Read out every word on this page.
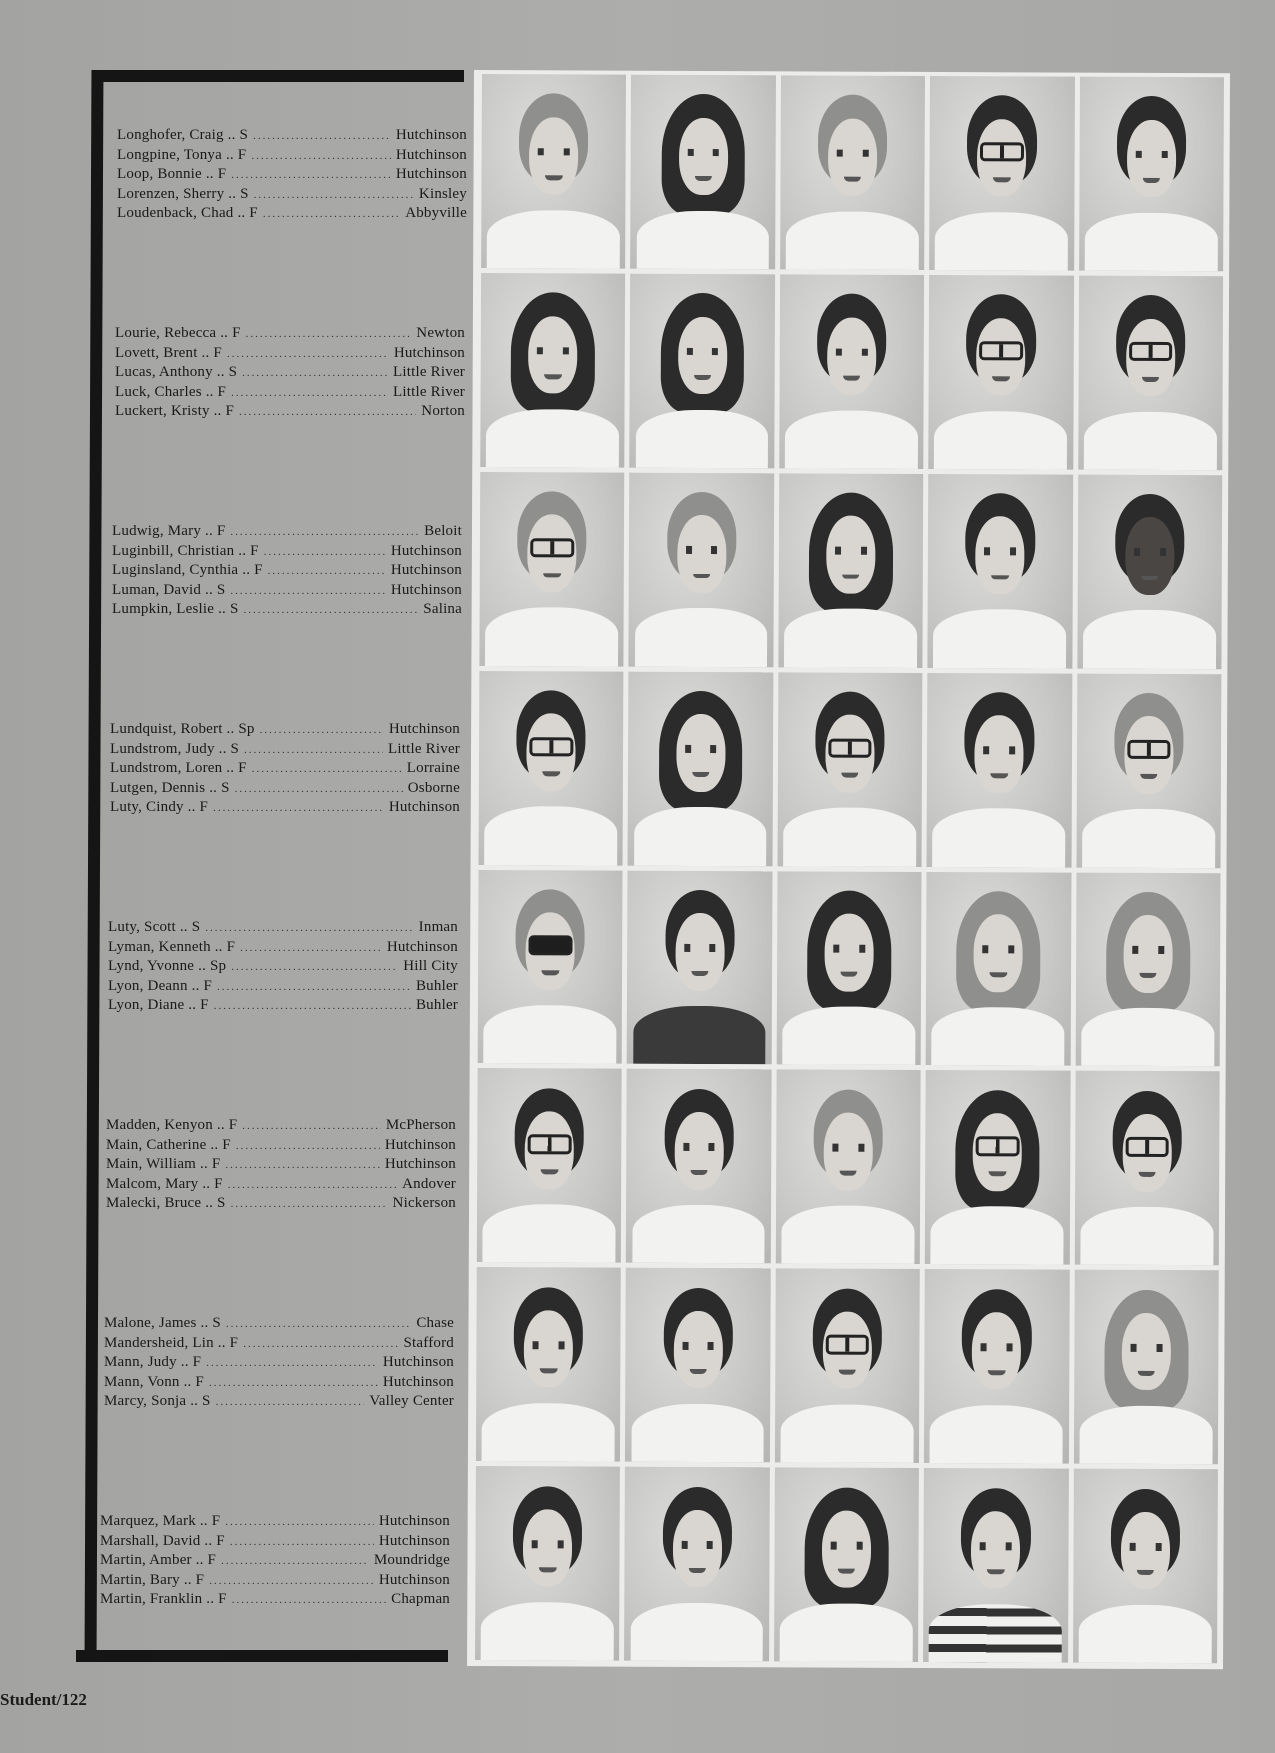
Longhofer, Craig .. S .....	Hutchinson
Longpine, Tonya .. F .....	Hutchinson
Loop, Bonnie .. F .....	Hutchinson
Lorenzen, Sherry .. S .....	Kinsley
Loudenback, Chad .. F .....	Abbyville
Lourie, Rebecca .. F .....	Newton
Lovett, Brent .. F .....	Hutchinson
Lucas, Anthony .. S .....	Little River
Luck, Charles .. F .....	Little River
Luckert, Kristy .. F .....	Norton
Ludwig, Mary .. F .....	Beloit
Luginbill, Christian .. F .....	Hutchinson
Luginsland, Cynthia .. F .....	Hutchinson
Luman, David .. S .....	Hutchinson
Lumpkin, Leslie .. S .....	Salina
Lundquist, Robert .. Sp .....	Hutchinson
Lundstrom, Judy .. S .....	Little River
Lundstrom, Loren .. F .....	Lorraine
Lutgen, Dennis .. S .....	Osborne
Luty, Cindy .. F .....	Hutchinson
Luty, Scott .. S .....	Inman
Lyman, Kenneth .. F .....	Hutchinson
Lynd, Yvonne .. Sp .....	Hill City
Lyon, Deann .. F .....	Buhler
Lyon, Diane .. F .....	Buhler
Madden, Kenyon .. F .....	McPherson
Main, Catherine .. F .....	Hutchinson
Main, William .. F .....	Hutchinson
Malcom, Mary .. F .....	Andover
Malecki, Bruce .. S .....	Nickerson
Malone, James .. S .....	Chase
Mandersheid, Lin .. F .....	Stafford
Mann, Judy .. F .....	Hutchinson
Mann, Vonn .. F .....	Hutchinson
Marcy, Sonja .. S .....	Valley Center
Marquez, Mark .. F .....	Hutchinson
Marshall, David .. F .....	Hutchinson
Martin, Amber .. F .....	Moundridge
Martin, Bary .. F .....	Hutchinson
Martin, Franklin .. F .....	Chapman
Student/122
